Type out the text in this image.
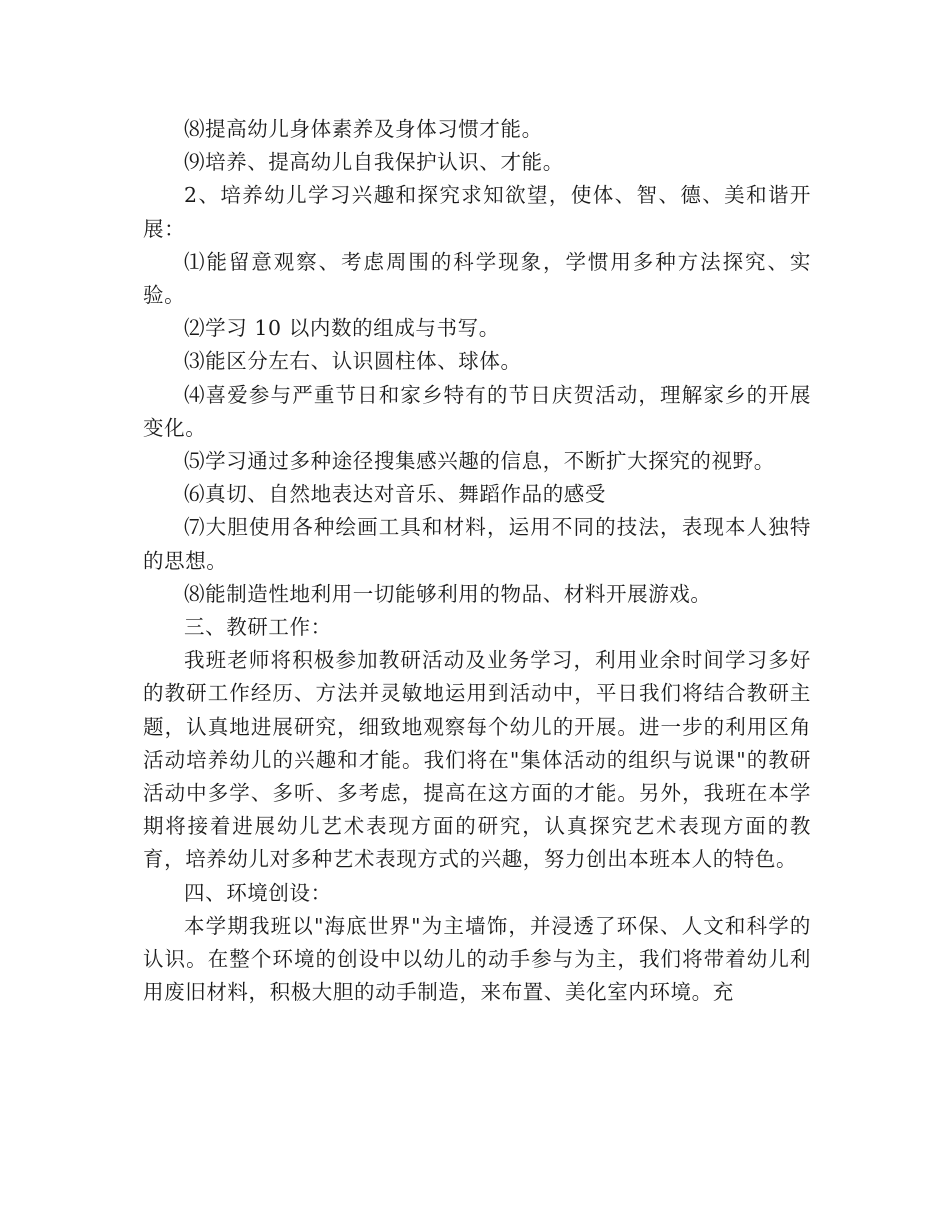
⑻提高幼儿身体素养及身体习惯才能。

⑼培养、提高幼儿自我保护认识、才能。

2、培养幼儿学习兴趣和探究求知欲望，使体、智、德、美和谐开展：

⑴能留意观察、考虑周围的科学现象，学惯用多种方法探究、实验。

⑵学习 10 以内数的组成与书写。

⑶能区分左右、认识圆柱体、球体。

⑷喜爱参与严重节日和家乡特有的节日庆贺活动，理解家乡的开展变化。

⑸学习通过多种途径搜集感兴趣的信息，不断扩大探究的视野。

⑹真切、自然地表达对音乐、舞蹈作品的感受

⑺大胆使用各种绘画工具和材料，运用不同的技法，表现本人独特的思想。

⑻能制造性地利用一切能够利用的物品、材料开展游戏。

三、教研工作：

我班老师将积极参加教研活动及业务学习，利用业余时间学习多好的教研工作经历、方法并灵敏地运用到活动中，平日我们将结合教研主题，认真地进展研究，细致地观察每个幼儿的开展。进一步的利用区角活动培养幼儿的兴趣和才能。我们将在"集体活动的组织与说课"的教研活动中多学、多听、多考虑，提高在这方面的才能。另外，我班在本学期将接着进展幼儿艺术表现方面的研究，认真探究艺术表现方面的教育，培养幼儿对多种艺术表现方式的兴趣，努力创出本班本人的特色。

四、环境创设：

本学期我班以"海底世界"为主墙饰，并浸透了环保、人文和科学的认识。在整个环境的创设中以幼儿的动手参与为主，我们将带着幼儿利用废旧材料，积极大胆的动手制造，来布置、美化室内环境。充
